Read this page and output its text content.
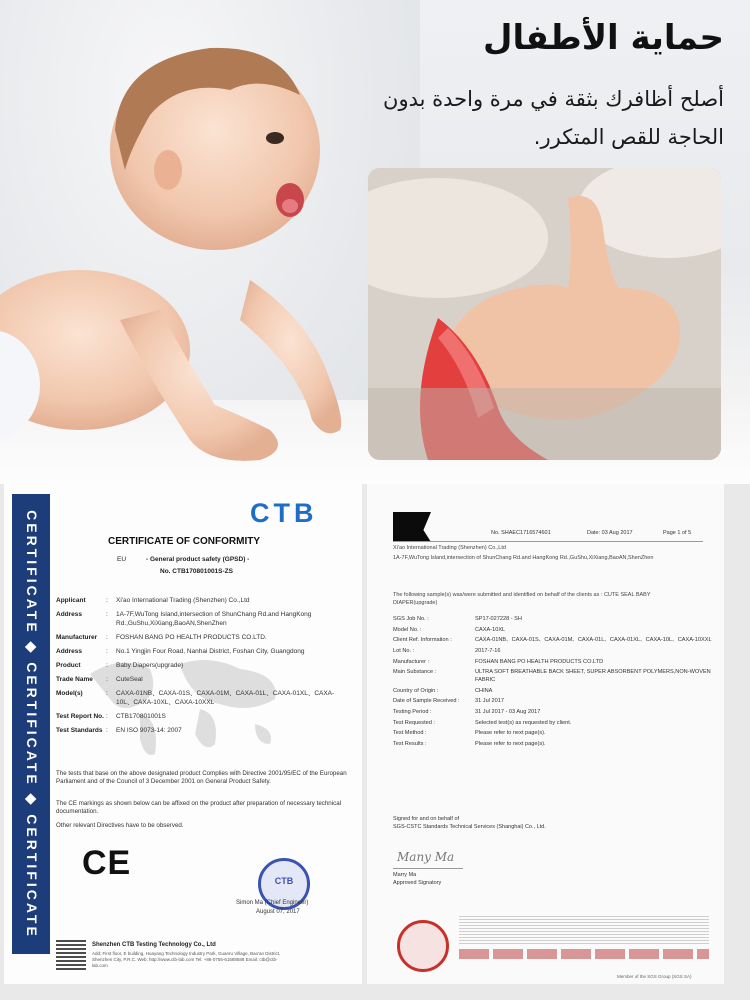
حماية الأطفال
أصلح أظافرك بثقة في مرة واحدة بدون الحاجة للقص المتكرر.
CERTIFICATE ◆ CERTIFICATE ◆ CERTIFICATE	CTB
CERTIFICATE OF CONFORMITY
EU	- General product safety (GPSD) -
No. CTB170801001S-ZS
Applicant	:	Xi'ao International Trading (Shenzhen) Co.,Ltd
Address	:	1A-7F,WuTong Island,intersection of ShunChang Rd.and HangKong Rd.,GuShu,XiXiang,BaoAN,ShenZhen
Manufacturer	:	FOSHAN BANG PO HEALTH PRODUCTS CO.LTD.
Address	:	No.1 Yingjin Four Road, Nanhai District, Foshan City, Guangdong
Product	:	Baby Diapers(upgrade)
Trade Name	:	CuteSeal
Model(s)	:	CAXA-01NB、CAXA-01S、CAXA-01M、CAXA-01L、CAXA-01XL、CAXA-10L、CAXA-10XL、CAXA-10XXL
Test Report No. :	CTB170801001S
Test Standards :	EN ISO 9073-14: 2007
The tests that base on the above designated product Complies with Directive 2001/95/EC of the European Parliament and of the Council of 3 December 2001 on General Product Safety.
The CE markings as shown below can be affixed on the product after preparation of necessary technical documentation.
Other relevant Directives have to be observed.
CE	CTB
Simon Ma (Chief Engineer)
August 07, 2017
Shenzhen CTB Testing Technology Co., Ltd
Add: First floor, E building, Huayang Technology Industry Park, Guanru Village, Bao'an District, Shenzhen City, P.R.C. Web: http://www.ctb-lab.com Tel: +86-0755-61588588 Email: ctb@ctb-lab.com
No. SHAEC1716574601	Date: 03 Aug 2017	Page 1 of 5
Xi'ao International Trading (Shenzhen) Co.,Ltd
1A-7F,WuTong Island,intersection of ShunChang Rd.and HangKong Rd.,GuShu,XiXiang,BaoAN,ShenZhen
The following sample(s) was/were submitted and identified on behalf of the clients as : CUTE SEAL BABY DIAPER(upgrade)
SGS Job No. :	SP17-027228 - SH
Model No. :	CAXA-10XL
Client Ref. Information :	CAXA-01NB、CAXA-01S、CAXA-01M、CAXA-01L、CAXA-01XL、CAXA-10L、CAXA-10XXL
Lot No. :	2017-7-16
Manufacturer :	FOSHAN BANG PO HEALTH PRODUCTS CO.LTD
Main Substance :	ULTRA SOFT BREATHABLE BACK SHEET, SUPER ABSORBENT POLYMERS,NON-WOVEN FABRIC
Country of Origin :	CHINA
Date of Sample Received :	31 Jul 2017
Testing Period :	31 Jul 2017 - 03 Aug 2017
Test Requested :	Selected test(s) as requested by client.
Test Method :	Please refer to next page(s).
Test Results :	Please refer to next page(s).
Signed for and on behalf of
SGS-CSTC Standards Technical Services (Shanghai) Co., Ltd.
Many Ma
Marry Ma
Approved Signatory
Member of the SGS Group (SGS SA)
